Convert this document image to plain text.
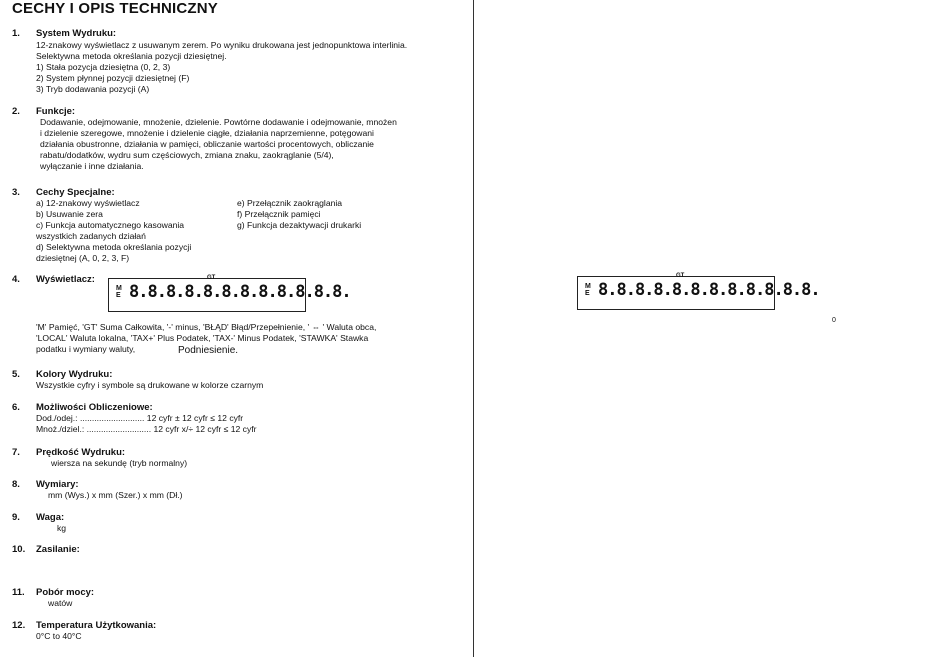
CECHY I OPIS TECHNICZNY
1. System Wydruku:
12-znakowy wyświetlacz z usuwanym zerem. Po wyniku drukowana jest jednopunktowa interlinia.
Selektywna metoda określania pozycji dziesiętnej.
1) Stała pozycja dziesiętna (0, 2, 3)
2) System płynnej pozycji dziesiętnej (F)
3) Tryb dodawania pozycji (A)
2. Funkcje:
Dodawanie, odejmowanie, mnożenie, dzielenie. Powtórne dodawanie i odejmowanie, mnożen
i dzielenie szeregowe, mnożenie i dzielenie ciągłe, działania naprzemienne, potęgowani
działania obustronne, działania w pamięci, obliczanie wartości procentowych, obliczanie
rabatu/dodatków, wydru sum częściowych, zmiana znaku, zaokrąglanie (5/4),
wyłączanie i inne działania.
3. Cechy Specjalne:
a) 12-znakowy wyświetlacz
b) Usuwanie zera
c) Funkcja automatycznego kasowania
wszystkich zadanych działań
d) Selektywna metoda określania pozycji
dziesiętnej (A, 0, 2, 3, F)
e) Przełącznik zaokrąglania
f) Przełącznik pamięci
g) Funkcja dezaktywacji drukarki
4. Wyświetlacz:
M
E
GT
8.8.8.8.8.8.8.8.8.8.8.8.
'M' Pamięć, 'GT' Suma Całkowita, '-' minus, 'BŁĄD' Błąd/Przepełnienie, ' ⇔ ' Waluta obca,
'LOCAL' Waluta lokalna, 'TAX+' Plus Podatek, 'TAX-' Minus Podatek, 'STAWKA' Stawka
podatku i wymiany waluty,	Podniesienie.
5. Kolory Wydruku:
Wszystkie cyfry i symbole są drukowane w kolorze czarnym
6. Możliwości Obliczeniowe:
Dod./odej.: ........................... 12 cyfr ± 12 cyfr ≤ 12 cyfr
Mnoż./dziel.: ........................... 12 cyfr x/÷ 12 cyfr ≤ 12 cyfr
7. Prędkość Wydruku:
wiersza na sekundę (tryb normalny)
8. Wymiary:
mm (Wys.) x mm (Szer.) x mm (Dł.)
9. Waga:
kg
10. Zasilanie:
11. Pobór mocy:
watów
12. Temperatura Użytkowania:
0°C to 40°C
M
E
GT
8.8.8.8.8.8.8.8.8.8.8.8.
0
